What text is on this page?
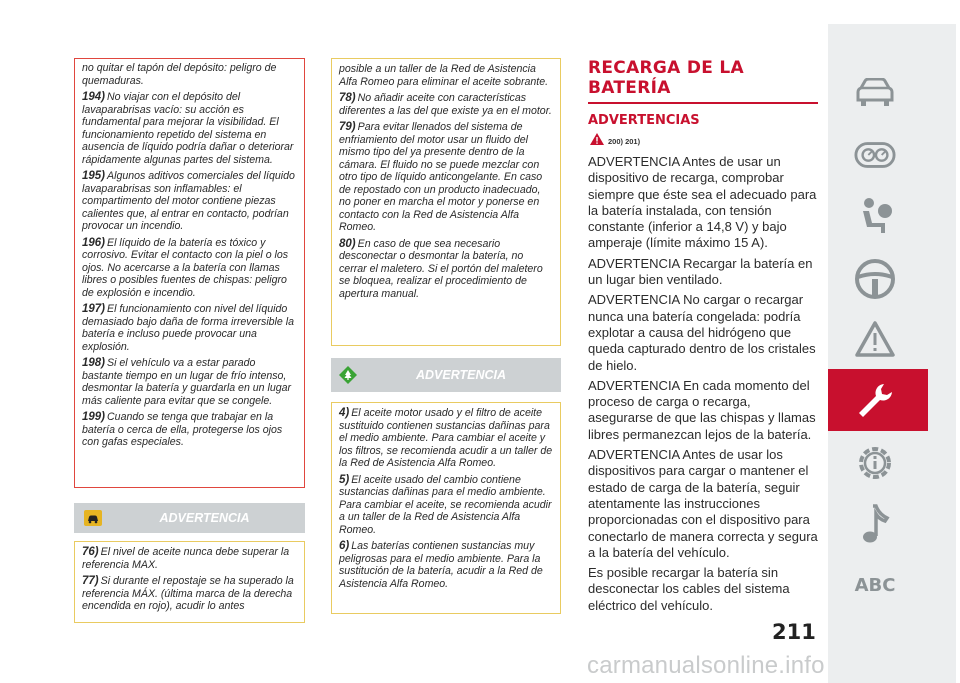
no quitar el tapón del depósito: peligro de quemaduras.

194) No viajar con el depósito del lavaparabrisas vacío: su acción es fundamental para mejorar la visibilidad. El funcionamiento repetido del sistema en ausencia de líquido podría dañar o deteriorar rápidamente algunas partes del sistema.

195) Algunos aditivos comerciales del líquido lavaparabrisas son inflamables: el compartimento del motor contiene piezas calientes que, al entrar en contacto, podrían provocar un incendio.

196) El líquido de la batería es tóxico y corrosivo. Evitar el contacto con la piel o los ojos. No acercarse a la batería con llamas libres o posibles fuentes de chispas: peligro de explosión e incendio.

197) El funcionamiento con nivel del líquido demasiado bajo daña de forma irreversible la batería e incluso puede provocar una explosión.

198) Si el vehículo va a estar parado bastante tiempo en un lugar de frío intenso, desmontar la batería y guardarla en un lugar más caliente para evitar que se congele.

199) Cuando se tenga que trabajar en la batería o cerca de ella, protegerse los ojos con gafas especiales.

ADVERTENCIA

76) El nivel de aceite nunca debe superar la referencia MAX.

77) Si durante el repostaje se ha superado la referencia MÁX. (última marca de la derecha encendida en rojo), acudir lo antes

posible a un taller de la Red de Asistencia Alfa Romeo para eliminar el aceite sobrante.

78) No añadir aceite con características diferentes a las del que existe ya en el motor.

79) Para evitar llenados del sistema de enfriamiento del motor usar un fluido del mismo tipo del ya presente dentro de la cámara. El fluido no se puede mezclar con otro tipo de líquido anticongelante. En caso de repostado con un producto inadecuado, no poner en marcha el motor y ponerse en contacto con la Red de Asistencia Alfa Romeo.

80) En caso de que sea necesario desconectar o desmontar la batería, no cerrar el maletero. Si el portón del maletero se bloquea, realizar el procedimiento de apertura manual.

ADVERTENCIA

4) El aceite motor usado y el filtro de aceite sustituido contienen sustancias dañinas para el medio ambiente. Para cambiar el aceite y los filtros, se recomienda acudir a un taller de la Red de Asistencia Alfa Romeo.

5) El aceite usado del cambio contiene sustancias dañinas para el medio ambiente. Para cambiar el aceite, se recomienda acudir a un taller de la Red de Asistencia Alfa Romeo.

6) Las baterías contienen sustancias muy peligrosas para el medio ambiente. Para la sustitución de la batería, acudir a la Red de Asistencia Alfa Romeo.

RECARGA DE LA BATERÍA
ADVERTENCIAS
200) 201)

ADVERTENCIA Antes de usar un dispositivo de recarga, comprobar siempre que éste sea el adecuado para la batería instalada, con tensión constante (inferior a 14,8 V) y bajo amperaje (límite máximo 15 A).

ADVERTENCIA Recargar la batería en un lugar bien ventilado.

ADVERTENCIA No cargar o recargar nunca una batería congelada: podría explotar a causa del hidrógeno que queda capturado dentro de los cristales de hielo.

ADVERTENCIA En cada momento del proceso de carga o recarga, asegurarse de que las chispas y llamas libres permanezcan lejos de la batería.

ADVERTENCIA Antes de usar los dispositivos para cargar o mantener el estado de carga de la batería, seguir atentamente las instrucciones proporcionadas con el dispositivo para conectarlo de manera correcta y segura a la batería del vehículo.

Es posible recargar la batería sin desconectar los cables del sistema eléctrico del vehículo.

ABC
211
carmanualsonline.info
